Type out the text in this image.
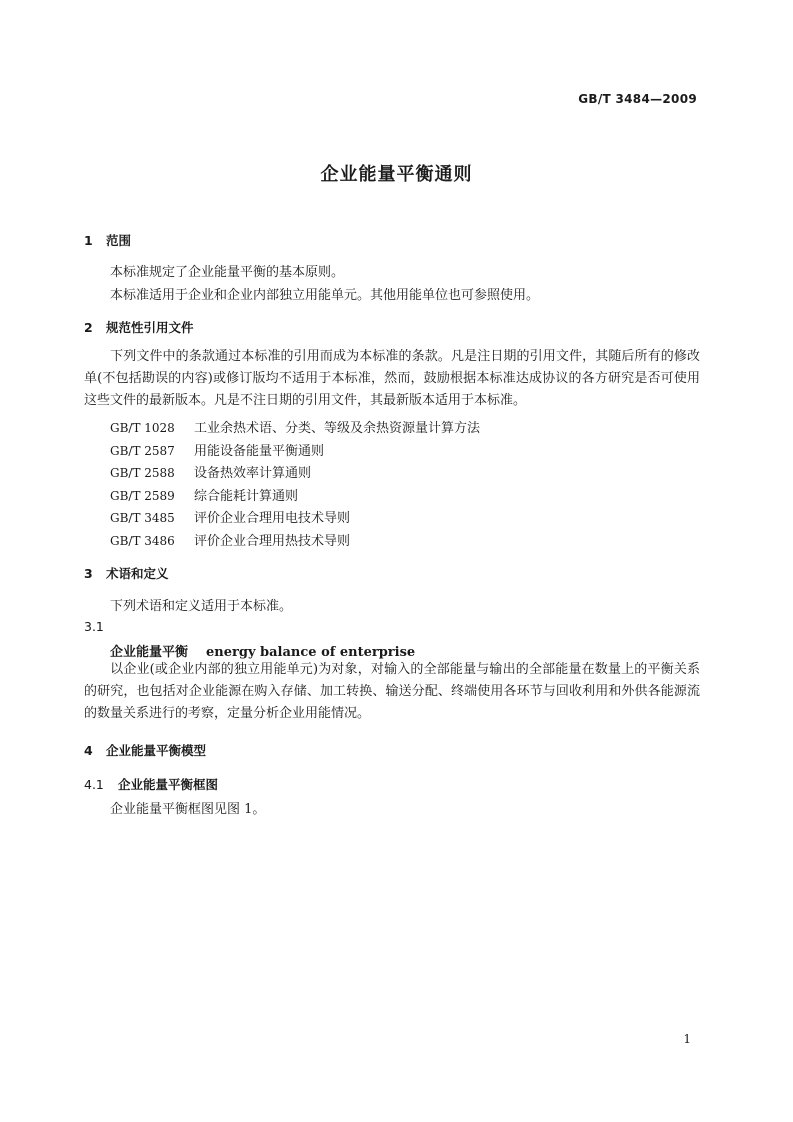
GB/T 3484—2009
企业能量平衡通则
1 范围
本标准规定了企业能量平衡的基本原则。
本标准适用于企业和企业内部独立用能单元。其他用能单位也可参照使用。
2 规范性引用文件
下列文件中的条款通过本标准的引用而成为本标准的条款。凡是注日期的引用文件，其随后所有的修改单(不包括勘误的内容)或修订版均不适用于本标准，然而，鼓励根据本标准达成协议的各方研究是否可使用这些文件的最新版本。凡是不注日期的引用文件，其最新版本适用于本标准。
GB/T 1028 工业余热术语、分类、等级及余热资源量计算方法
GB/T 2587 用能设备能量平衡通则
GB/T 2588 设备热效率计算通则
GB/T 2589 综合能耗计算通则
GB/T 3485 评价企业合理用电技术导则
GB/T 3486 评价企业合理用热技术导则
3 术语和定义
下列术语和定义适用于本标准。
3.1
企业能量平衡 energy balance of enterprise
以企业(或企业内部的独立用能单元)为对象，对输入的全部能量与输出的全部能量在数量上的平衡关系的研究，也包括对企业能源在购入存储、加工转换、输送分配、终端使用各环节与回收利用和外供各能源流的数量关系进行的考察，定量分析企业用能情况。
4 企业能量平衡模型
4.1 企业能量平衡框图
企业能量平衡框图见图 1。
1
